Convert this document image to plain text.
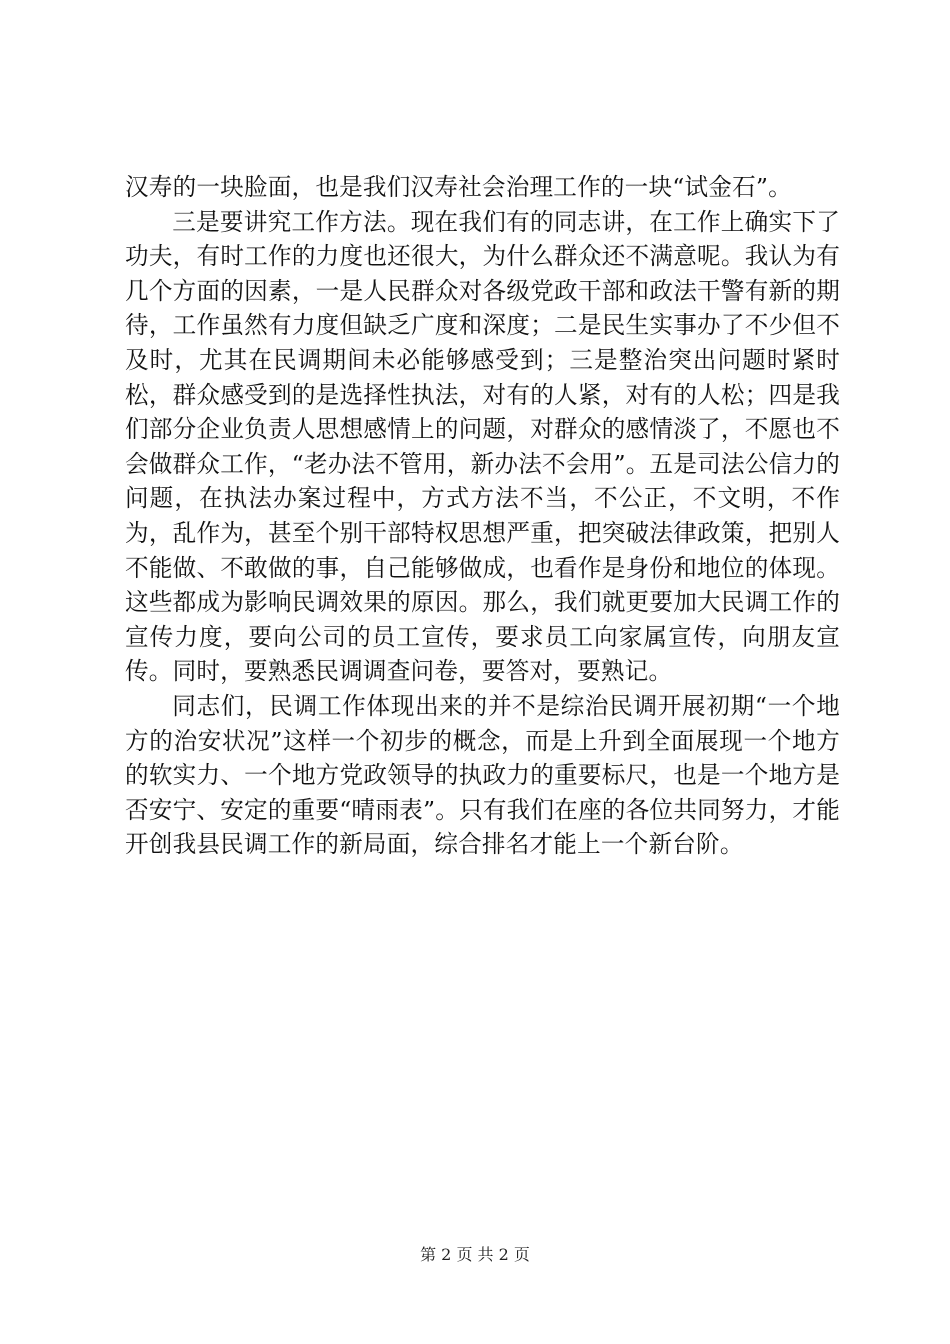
汉寿的一块脸面，也是我们汉寿社会治理工作的一块“试金石”。

三是要讲究工作方法。现在我们有的同志讲，在工作上确实下了功夫，有时工作的力度也还很大，为什么群众还不满意呢。我认为有几个方面的因素，一是人民群众对各级党政干部和政法干警有新的期待，工作虽然有力度但缺乏广度和深度；二是民生实事办了不少但不及时，尤其在民调期间未必能够感受到；三是整治突出问题时紧时松，群众感受到的是选择性执法，对有的人紧，对有的人松；四是我们部分企业负责人思想感情上的问题，对群众的感情淡了，不愿也不会做群众工作，“老办法不管用，新办法不会用”。五是司法公信力的问题，在执法办案过程中，方式方法不当，不公正，不文明，不作为，乱作为，甚至个别干部特权思想严重，把突破法律政策，把别人不能做、不敢做的事，自己能够做成，也看作是身份和地位的体现。这些都成为影响民调效果的原因。那么，我们就更要加大民调工作的宣传力度，要向公司的员工宣传，要求员工向家属宣传，向朋友宣传。同时，要熟悉民调调查问卷，要答对，要熟记。

同志们，民调工作体现出来的并不是综治民调开展初期“一个地方的治安状况”这样一个初步的概念，而是上升到全面展现一个地方的软实力、一个地方党政领导的执政力的重要标尺，也是一个地方是否安宁、安定的重要“晴雨表”。只有我们在座的各位共同努力，才能开创我县民调工作的新局面，综合排名才能上一个新台阶。

第 2 页 共 2 页
